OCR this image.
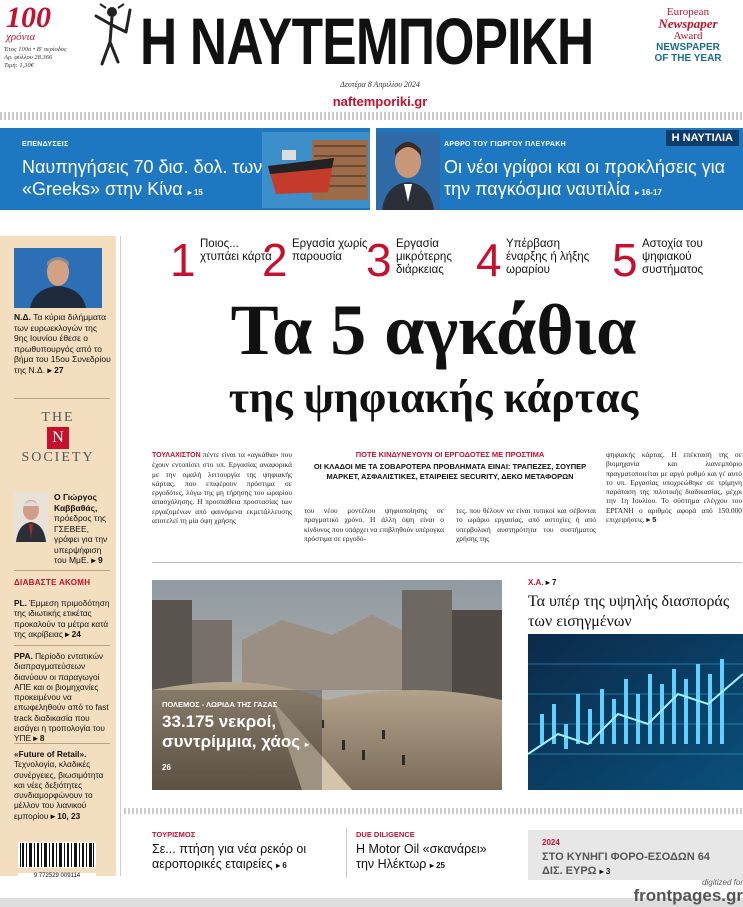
100
χρόνια
Έτος 100ό • Β' περίοδος
Αρ. φύλλου 28.366
Τιμή: 1,30€	Η ΝΑΥΤΕΜΠΟΡΙΚΗ
Δευτέρα 8 Απριλίου 2024
naftemporiki.gr
European
Newspaper
Award
NEWSPAPER
OF THE YEAR
ΕΠΕΝΔΥΣΕΙΣ
Ναυπηγήσεις 70 δισ. δολ. των «Greeks» στην Κίνα ▸ 15
ΑΡΘΡΟ ΤΟΥ ΓΙΩΡΓΟΥ ΠΛΕΥΡΑΚΗ
Οι νέοι γρίφοι και οι προκλήσεις για την παγκόσμια ναυτιλία ▸ 16-17
Η ΝΑΥΤΙΛΙΑ
Ν.Δ. Τα κύρια διλήμματα των ευρωεκλογών της 9ης Ιουνίου έθεσε ο πρωθυπουργός από το βήμα του 15ου Συνεδρίου της Ν.Δ. ▸ 27
THE
N
SOCIETY
Ο Γιώργος Καββαθάς, πρόεδρος της ΓΣΕΒΕΕ, γράφει για την υπερψήφιση του ΜμΕ. ▸ 9
ΔΙΑΒΑΣΤΕ ΑΚΟΜΗ
PL. Έμμεση πριμοδότηση της ιδιωτικής ετικέτας προκαλούν τα μέτρα κατά της ακρίβειας ▸ 24
ΡΡΑ. Περίοδο εντατικών διαπραγματεύσεων διανύουν οι παραγωγοί ΑΠΕ και οι βιομηχανίες προκειμένου να επωφεληθούν από το fast track διαδικασία που εισάγει η τροπολογία του ΥΠΕ ▸ 8
«Future of Retail». Τεχνολογία, κλαδικές συνέργειες, βιωσιμότητα και νέες δεξιότητες συνδιαμορφώνουν το μέλλον του λιανικού εμπορίου ▸ 10, 23
9 772529 009114
1 Ποιος... χτυπάει κάρτα
2 Εργασία χωρίς παρουσία 3 Εργασία μικρότερης διάρκειας 4 Υπέρβαση έναρξης ή λήξης ωραρίου	5 Αστοχία του ψηφιακού συστήματος
Τα 5 αγκάθια
της ψηφιακής κάρτας
ΤΟΥΛΑΧΙΣΤΟΝ πέντε είναι τα «αγκάθια» που έχουν εντοπίσει στο υπ. Εργασίας αναφορικά με την ομαλή λειτουργία της ψηφιακής κάρτας, που επιφέρουν πρόστιμα σε εργοδότες, λόγω της μη τήρησης του ωραρίου απασχόλησης. Η προσπάθεια προστασίας των εργαζομένων από φαινόμενα εκμετάλλευσης αποτελεί τη μία όψη χρήσης
ΠΟΤΕ ΚΙΝΔΥΝΕΥΟΥΝ ΟΙ ΕΡΓΟΔΟΤΕΣ ΜΕ ΠΡΟΣΤΙΜΑ
ΟΙ ΚΛΑΔΟΙ ΜΕ ΤΑ ΣΟΒΑΡΟΤΕΡΑ ΠΡΟΒΛΗΜΑΤΑ ΕΙΝΑΙ: ΤΡΑΠΕΖΕΣ, ΣΟΥΠΕΡ ΜΑΡΚΕΤ, ΑΣΦΑΛΙΣΤΙΚΕΣ, ΕΤΑΙΡΕΙΕΣ SECURITY, ΔΕΚΟ ΜΕΤΑΦΟΡΩΝ
του νέου μοντέλου ψηφιοποίησης σε πραγματικό χρόνο. Η άλλη όψη είναι ο κίνδυνος που υπάρχει να επιβληθούν υπέρογκα πρόστιμα σε εργοδό-
τες, που θέλουν να είναι τυπικοί και σέβονται το ωράριο εργασίας, από αστοχίες ή από υπερβολική αυστηρότητα του συστήματος χρήσης της
ψηφιακής κάρτας. Η επέκτασή της σε βιομηχανία και λιανεμπόριο πραγματοποιείται με αργό ρυθμό και γι' αυτό το υπ. Εργασίας υποχρεώθηκε σε τρίμηνη παράταση της πιλοτικής διαδικασίας, μέχρι την 1η Ιουλίου. Το σύστημα ελέγχου του ΕΡΓΑΝΗ ο αριθμός αφορά από 150.000 επιχειρήσεις. ▸ 5
ΠΟΛΕΜΟΣ - ΛΩΡΙΔΑ ΤΗΣ ΓΑΖΑΣ
33.175 νεκροί, συντρίμμια, χάος ▸ 26
Χ.Α. ▸ 7
Τα υπέρ της υψηλής διασποράς των εισηγμένων
ΤΟΥΡΙΣΜΟΣ
Σε... πτήση για νέα ρεκόρ οι αεροπορικές εταιρείες ▸ 6
DUE DILIGENCE
Η Motor Oil «σκανάρει» την Ηλέκτωρ ▸ 25
2024
ΣΤΟ ΚΥΝΗΓΙ ΦΟΡΟ-ΕΣΟΔΩΝ 64 ΔΙΣ. ΕΥΡΩ ▸ 3
digitized for
frontpages.gr
